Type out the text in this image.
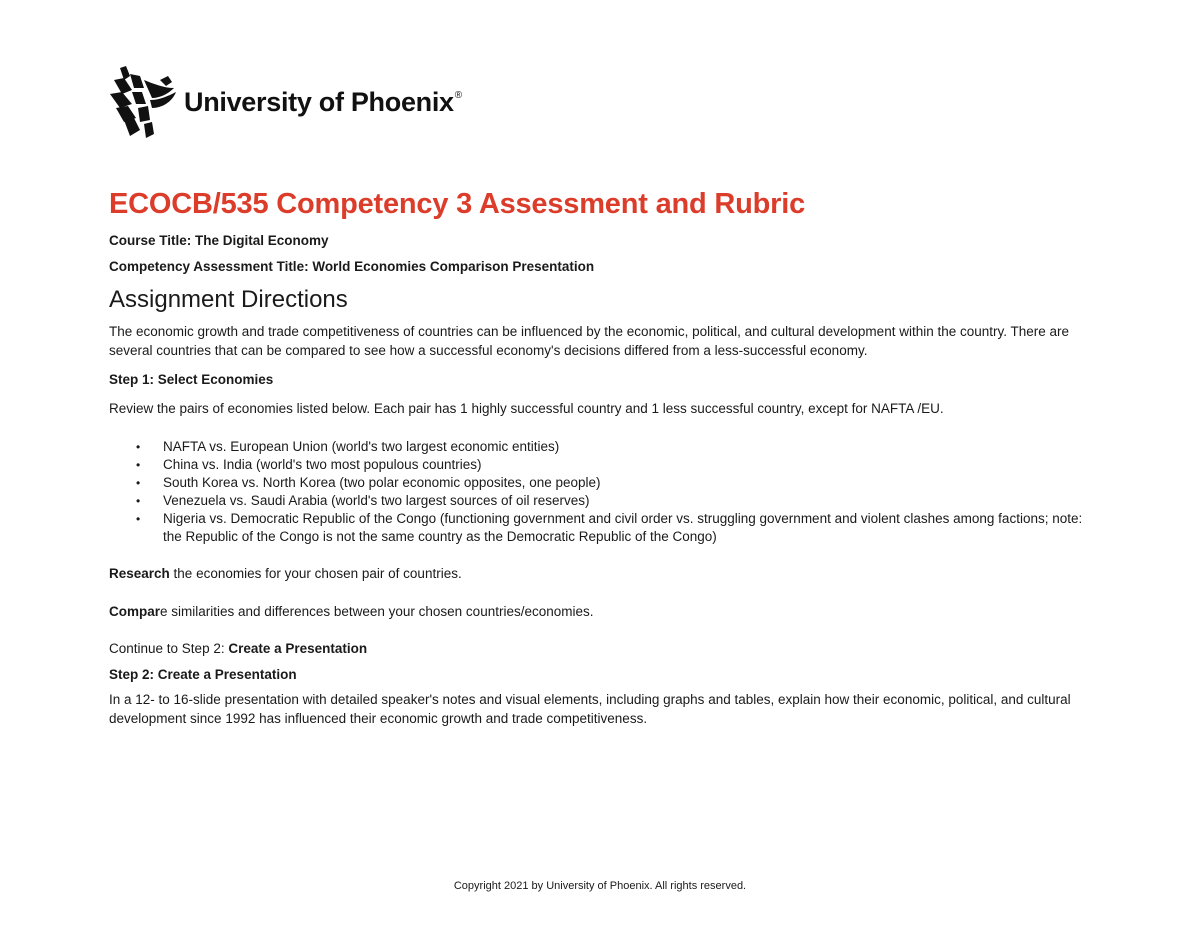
University of Phoenix®
ECOCB/535 Competency 3 Assessment and Rubric

Course Title: The Digital Economy

Competency Assessment Title: World Economies Comparison Presentation

Assignment Directions

The economic growth and trade competitiveness of countries can be influenced by the economic, political, and cultural development within the country. There are several countries that can be compared to see how a successful economy's decisions differed from a less-successful economy.

Step 1: Select Economies

Review the pairs of economies listed below. Each pair has 1 highly successful country and 1 less successful country, except for NAFTA /EU.

• NAFTA vs. European Union (world's two largest economic entities)
• China vs. India (world's two most populous countries)
• South Korea vs. North Korea (two polar economic opposites, one people)
• Venezuela vs. Saudi Arabia (world's two largest sources of oil reserves)
• Nigeria vs. Democratic Republic of the Congo (functioning government and civil order vs. struggling government and violent clashes among factions; note: the Republic of the Congo is not the same country as the Democratic Republic of the Congo)

Research the economies for your chosen pair of countries.

Compare similarities and differences between your chosen countries/economies.

Continue to Step 2: Create a Presentation

Step 2: Create a Presentation

In a 12- to 16-slide presentation with detailed speaker's notes and visual elements, including graphs and tables, explain how their economic, political, and cultural development since 1992 has influenced their economic growth and trade competitiveness.

Copyright 2021 by University of Phoenix. All rights reserved.
